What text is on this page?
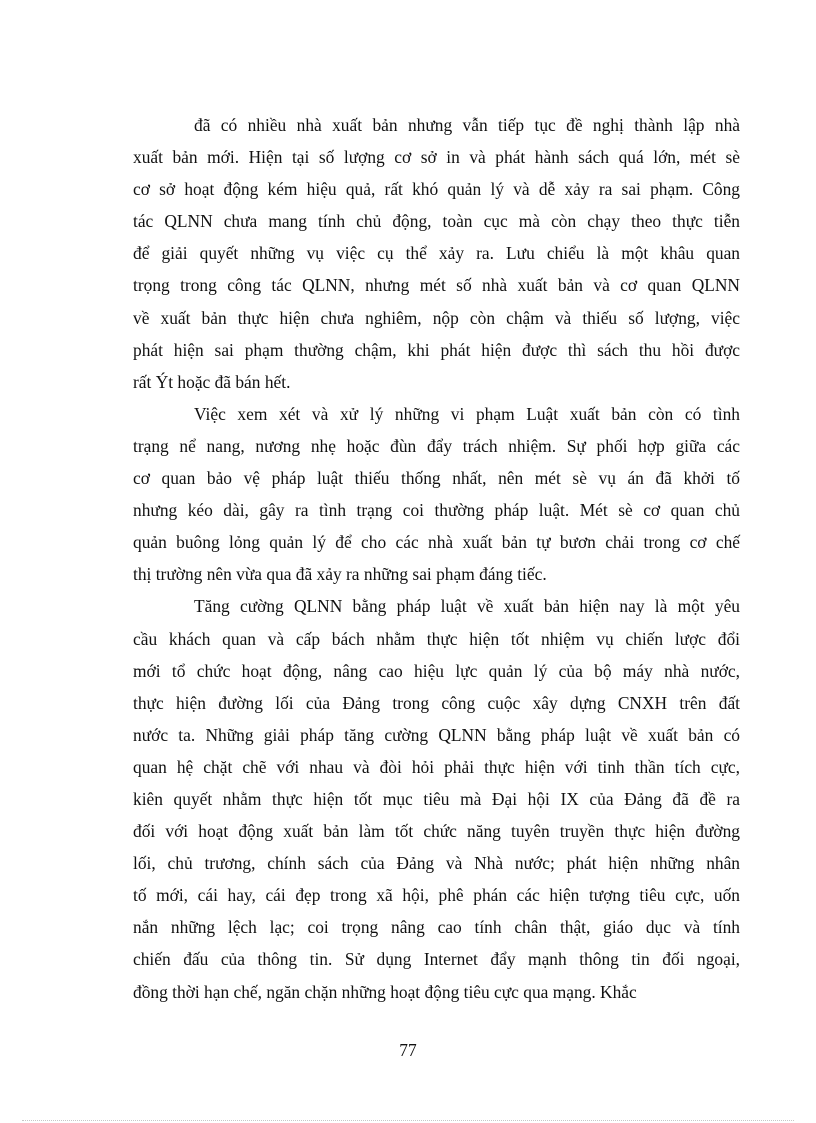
đã có nhiều nhà xuất bản nhưng vẫn tiếp tục đề nghị thành lập nhà
xuất bản mới. Hiện tại số lượng cơ sở in và phát hành sách quá lớn, mét sè
cơ sở hoạt động kém hiệu quả, rất khó quản lý và dễ xảy ra sai phạm. Công
tác QLNN chưa mang tính chủ động, toàn cục mà còn chạy theo thực tiễn
để giải quyết những vụ việc cụ thể xảy ra. Lưu chiểu là một khâu quan
trọng trong công tác QLNN, nhưng mét số nhà xuất bản và cơ quan QLNN
về xuất bản thực hiện chưa nghiêm, nộp còn chậm và thiếu số lượng, việc
phát hiện sai phạm thường chậm, khi phát hiện được thì sách thu hồi được
rất Ýt hoặc đã bán hết.
Việc xem xét và xử lý những vi phạm Luật xuất bản còn có tình
trạng nể nang, nương nhẹ hoặc đùn đẩy trách nhiệm. Sự phối hợp giữa các
cơ quan bảo vệ pháp luật thiếu thống nhất, nên mét sè vụ án đã khởi tố
nhưng kéo dài, gây ra tình trạng coi thường pháp luật. Mét sè cơ quan chủ
quản buông lỏng quản lý để cho các nhà xuất bản tự bươn chải trong cơ chế
thị trường nên vừa qua đã xảy ra những sai phạm đáng tiếc.
Tăng cường QLNN bằng pháp luật về xuất bản hiện nay là một yêu
cầu khách quan và cấp bách nhằm thực hiện tốt nhiệm vụ chiến lược đổi
mới tổ chức hoạt động, nâng cao hiệu lực quản lý của bộ máy nhà nước,
thực hiện đường lối của Đảng trong công cuộc xây dựng CNXH trên đất
nước ta. Những giải pháp tăng cường QLNN bằng pháp luật về xuất bản có
quan hệ chặt chẽ với nhau và đòi hỏi phải thực hiện với tinh thần tích cực,
kiên quyết nhằm thực hiện tốt mục tiêu mà Đại hội IX của Đảng đã đề ra
đối với hoạt động xuất bản làm tốt chức năng tuyên truyền thực hiện đường
lối, chủ trương, chính sách của Đảng và Nhà nước; phát hiện những nhân
tố mới, cái hay, cái đẹp trong xã hội, phê phán các hiện tượng tiêu cực, uốn
nắn những lệch lạc; coi trọng nâng cao tính chân thật, giáo dục và tính
chiến đấu của thông tin. Sử dụng Internet đẩy mạnh thông tin đối ngoại,
đồng thời hạn chế, ngăn chặn những hoạt động tiêu cực qua mạng. Khắc
77
